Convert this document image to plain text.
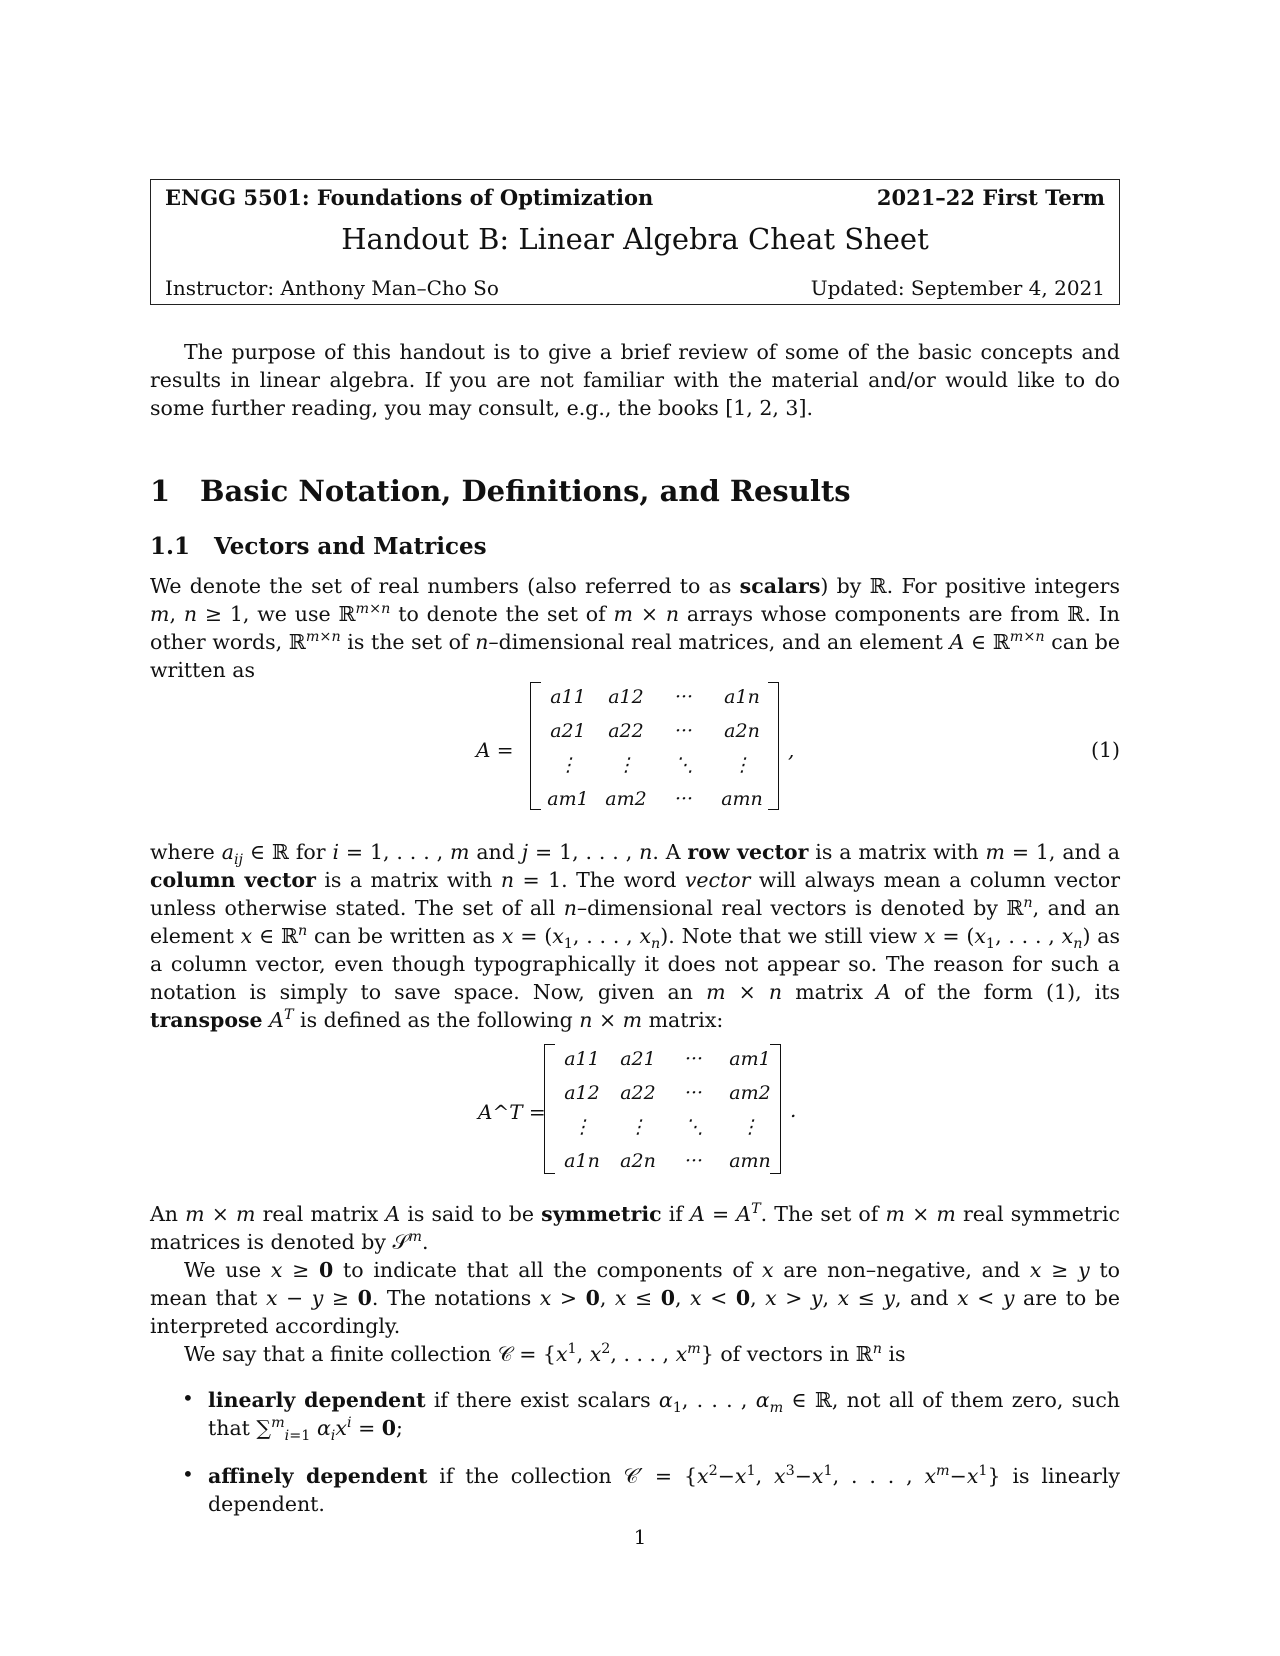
ENGG 5501: Foundations of Optimization	2021–22 First Term
Handout B: Linear Algebra Cheat Sheet
Instructor: Anthony Man–Cho So	Updated: September 4, 2021
The purpose of this handout is to give a brief review of some of the basic concepts and results in linear algebra. If you are not familiar with the material and/or would like to do some further reading, you may consult, e.g., the books [1, 2, 3].
1 Basic Notation, Definitions, and Results
1.1 Vectors and Matrices
We denote the set of real numbers (also referred to as scalars) by ℝ. For positive integers m, n ≥ 1, we use ℝ$^{m\times n}$ to denote the set of m × n arrays whose components are from ℝ. In other words, ℝ$^{m\times n}$ is the set of n–dimensional real matrices, and an element A ∈ ℝ$^{m\times n}$ can be written as
A =
a11	a12	···	a1n
a21	a22	···	a2n
⋮	⋮	⋱	⋮
am1 am2	···	amn
,	(1)
where $a_{ij}$ ∈ ℝ for i = 1, . . . , m and j = 1, . . . , n. A row vector is a matrix with m = 1, and a column vector is a matrix with n = 1. The word vector will always mean a column vector unless otherwise stated. The set of all n–dimensional real vectors is denoted by ℝ$^n$, and an element x ∈ ℝ$^n$ can be written as $x = (x_1$, . . . , $x_n$). Note that we still view $x = (x_1$, . . . , $x_n$) as a column vector, even though typographically it does not appear so. The reason for such a notation is simply to save space. Now, given an m × n matrix A of the form (1), its transpose $A^T$ is defined as the following n × m matrix:
A^T =
a11	a21	···	am1
a12	a22	···	am2
⋮	⋮	⋱	⋮
a1n	a2n	···	amn
.
An m × m real matrix A is said to be symmetric if $A = A^T$. The set of m × m real symmetric matrices is denoted by 𝒮$^m$.
We use x ≥ 0 to indicate that all the components of x are non–negative, and x ≥ y to mean that x − y ≥ 0. The notations x > 0, x ≤ 0, x < 0, x > y, x ≤ y, and x < y are to be interpreted accordingly.
We say that a finite collection 𝒞 = {$x^1$, $x^2$, . . . , $x^m$} of vectors in ℝ$^n$ is
• linearly dependent if there exist scalars $\alpha_1$, . . . , $\alpha_m$ ∈ ℝ, not all of them zero, such that ∑$^m_{i=1}$ $\alpha_ix^i = 0$;
• affinely dependent if the collection 𝒞′ = {$x^2-x^1$, $x^3-x^1$, . . . , $x^m-x^1$} is linearly dependent.
1
